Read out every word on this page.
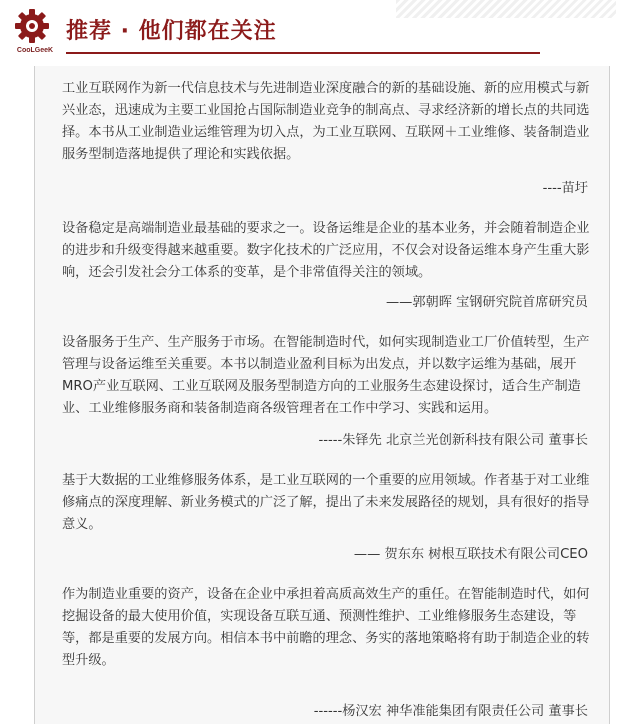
CooLGeeK
推荐 · 他们都在关注

工业互联网作为新一代信息技术与先进制造业深度融合的新的基础设施、新的应用模式与新兴业态，迅速成为主要工业国抢占国际制造业竞争的制高点、寻求经济新的增长点的共同选择。本书从工业制造业运维管理为切入点，为工业互联网、互联网＋工业维修、装备制造业服务型制造落地提供了理论和实践依据。

----苗圩

设备稳定是高端制造业最基础的要求之一。设备运维是企业的基本业务，并会随着制造企业的进步和升级变得越来越重要。数字化技术的广泛应用，不仅会对设备运维本身产生重大影响，还会引发社会分工体系的变革，是个非常值得关注的领域。

——郭朝晖 宝钢研究院首席研究员

设备服务于生产、生产服务于市场。在智能制造时代，如何实现制造业工厂价值转型，生产管理与设备运维至关重要。本书以制造业盈利目标为出发点，并以数字运维为基础，展开MRO产业互联网、工业互联网及服务型制造方向的工业服务生态建设探讨，适合生产制造业、工业维修服务商和装备制造商各级管理者在工作中学习、实践和运用。

-----朱铎先 北京兰光创新科技有限公司 董事长

基于大数据的工业维修服务体系，是工业互联网的一个重要的应用领域。作者基于对工业维修痛点的深度理解、新业务模式的广泛了解，提出了未来发展路径的规划，具有很好的指导意义。

—— 贺东东 树根互联技术有限公司CEO

作为制造业重要的资产，设备在企业中承担着高质高效生产的重任。在智能制造时代，如何挖掘设备的最大使用价值，实现设备互联互通、预测性维护、工业维修服务生态建设，等等，都是重要的发展方向。相信本书中前瞻的理念、务实的落地策略将有助于制造企业的转型升级。

------杨汉宏 神华准能集团有限责任公司 董事长
